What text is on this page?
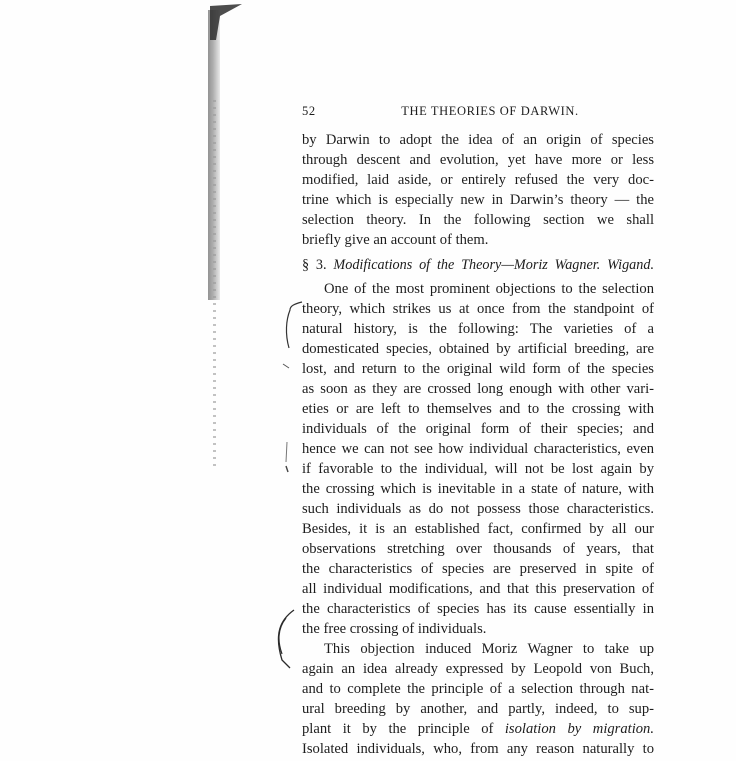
52	THE THEORIES OF DARWIN.
by Darwin to adopt the idea of an origin of species
through descent and evolution, yet have more or less
modified, laid aside, or entirely refused the very doc-
trine which is especially new in Darwin’s theory — the
selection theory. In the following section we shall
briefly give an account of them.
§ 3. Modifications of the Theory—Moriz Wagner. Wigand.
One of the most prominent objections to the selection
theory, which strikes us at once from the standpoint of
natural history, is the following: The varieties of a
domesticated species, obtained by artificial breeding, are
lost, and return to the original wild form of the species
as soon as they are crossed long enough with other vari-
eties or are left to themselves and to the crossing with
individuals of the original form of their species; and
hence we can not see how individual characteristics, even
if favorable to the individual, will not be lost again by
the crossing which is inevitable in a state of nature, with
such individuals as do not possess those characteristics.
Besides, it is an established fact, confirmed by all our
observations stretching over thousands of years, that
the characteristics of species are preserved in spite of
all individual modifications, and that this preservation of
the characteristics of species has its cause essentially in
the free crossing of individuals.
This objection induced Moriz Wagner to take up
again an idea already expressed by Leopold von Buch,
and to complete the principle of a selection through nat-
ural breeding by another, and partly, indeed, to sup-
plant it by the principle of isolation by migration.
Isolated individuals, who, from any reason naturally to
